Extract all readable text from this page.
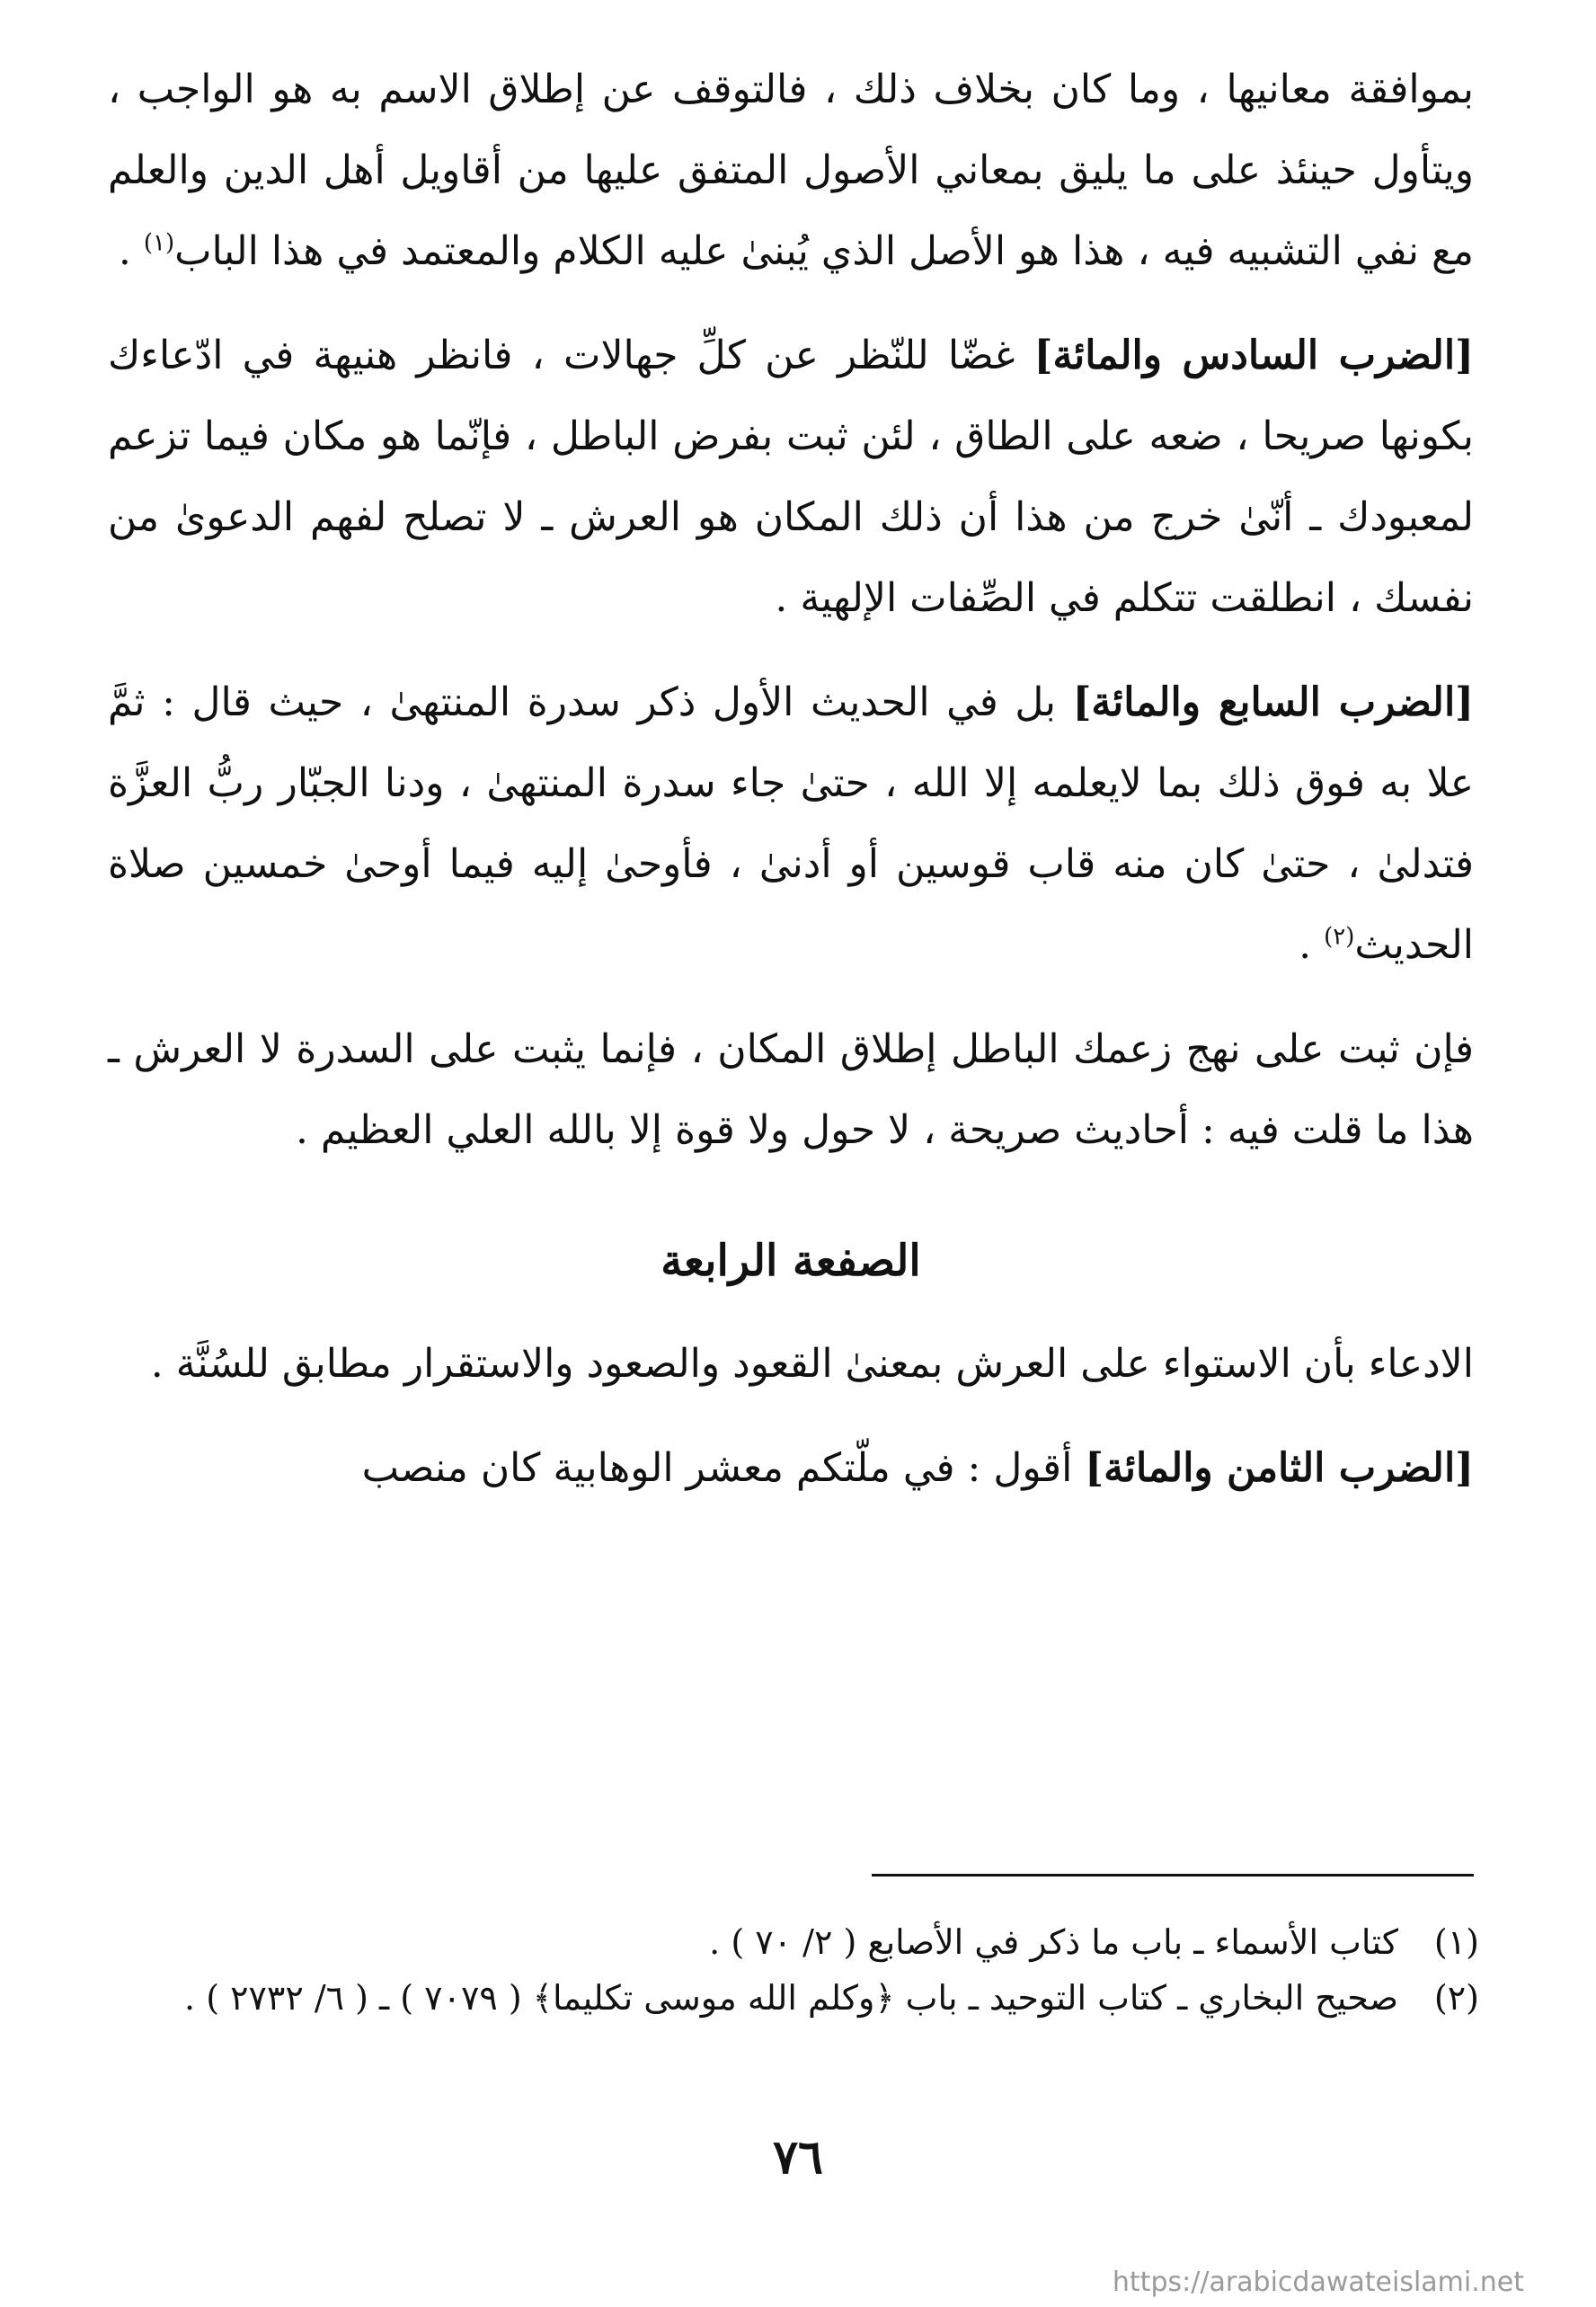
بموافقة معانيها ، وما كان بخلاف ذلك ، فالتوقف عن إطلاق الاسم به هو الواجب ، ويتأول حينئذ على ما يليق بمعاني الأصول المتفق عليها من أقاويل أهل الدين والعلم مع نفي التشبيه فيه ، هذا هو الأصل الذي يُبنىٰ عليه الكلام والمعتمد في هذا الباب$^{(١)}$ .

[الضرب السادس والمائة] غضّا للنّظر عن كلِّ جهالات ، فانظر هنيهة في ادّعاءك بكونها صريحا ، ضعه على الطاق ، لئن ثبت بفرض الباطل ، فإنّما هو مكان فيما تزعم لمعبودك ـ أنّىٰ خرج من هذا أن ذلك المكان هو العرش ـ لا تصلح لفهم الدعوىٰ من نفسك ، انطلقت تتكلم في الصِّفات الإلهية .

[الضرب السابع والمائة] بل في الحديث الأول ذكر سدرة المنتهىٰ ، حيث قال : ثمَّ علا به فوق ذلك بما لايعلمه إلا الله ، حتىٰ جاء سدرة المنتهىٰ ، ودنا الجبّار ربُّ العزَّة فتدلىٰ ، حتىٰ كان منه قاب قوسين أو أدنىٰ ، فأوحىٰ إليه فيما أوحىٰ خمسين صلاة الحديث$^{(٢)}$ .

فإن ثبت على نهج زعمك الباطل إطلاق المكان ، فإنما يثبت على السدرة لا العرش ـ هذا ما قلت فيه : أحاديث صريحة ، لا حول ولا قوة إلا بالله العلي العظيم .

الصفعة الرابعة

الادعاء بأن الاستواء على العرش بمعنىٰ القعود والصعود والاستقرار مطابق للسُنَّة .

[الضرب الثامن والمائة] أقول : في ملّتكم معشر الوهابية كان منصب

(١)
كتاب الأسماء ـ باب ما ذكر في الأصابع ( ٢/ ٧٠ ) .
(٢)
صحيح البخاري ـ كتاب التوحيد ـ باب ﴿وكلم الله موسى تكليما﴾ ( ٧٠٧٩ ) ـ ( ٦/ ٢٧٣٢ ) .
٧٦
https://arabicdawateislami.net
